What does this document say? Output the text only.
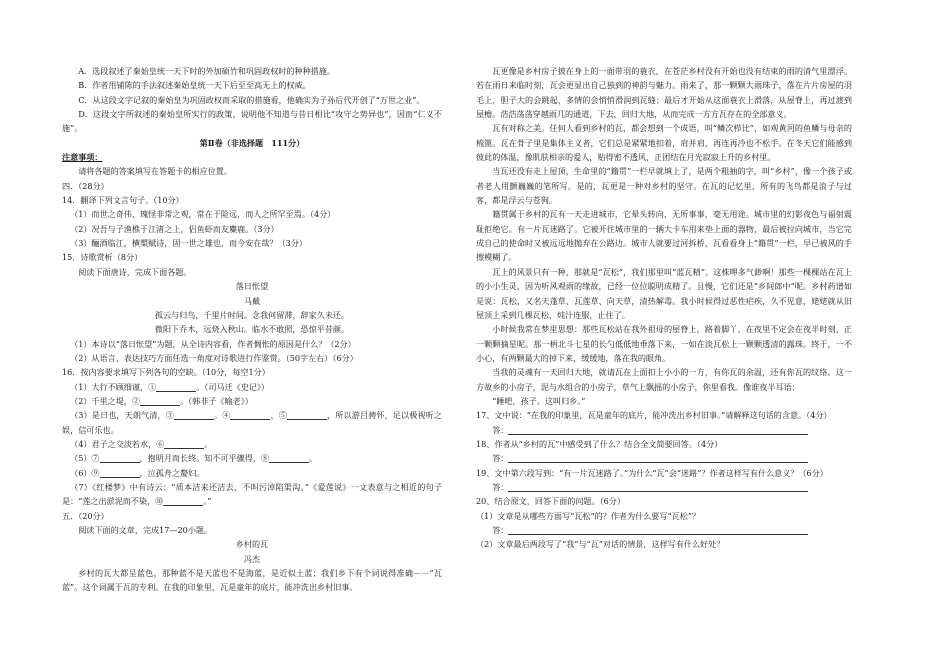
A．选段叙述了秦始皇统一天下时的外加硕竹和巩固政权时的种种措施。

B．作者用铺陈的手法叙述秦始皇统一天下后至至高无上的权威。

C．从这段文字记叙的秦始皇为巩固政权而采取的措施看，他确实为子孙后代开创了“万世之业”。

D．这段文字所叙述的秦始皇所实行的政策，说明他不知道与昔日相比“攻守之势异也”，因而“仁义不施”。

第Ⅱ卷（非选择题　111分）

注意事项：

请将各题的答案填写在答题卡的相应位置。

四．（28分）

14．翻译下列文言句子。（10分）

（1）而世之奇伟、瑰怪非常之观，常在于险远，而人之所罕至焉。（4分）

（2）况吾与子渔樵于江渚之上，侣鱼虾而友麋鹿。（3分）

（3）酾酒临江，横槊赋诗，固一世之雄也，而今安在哉？（3分）

15．诗歌赏析（8分）

阅读下面唐诗，完成下面各题。

落日怅望

马戴

孤云与归鸟，千里片时间。念我何留滞，辞家久未还。

微阳下乔木，远烧入秋山。临水不敢照，恐惊平昔颜。

（1）本诗以“落日怅望”为题，从全诗内容看，作者惆怅的原因是什么？（2分）

（2）从语言、表达技巧方面任选一角度对诗歌进行作鉴赏。（50字左右）（6分）

16．按内容要求填写下列各句的空缺。（10分，每空1分）

（1）大行不顾细谨，①	。（司马迁《史记》）

（2）千里之堤，②	。（韩非子《喻老》）

（3）是日也，天朗气清，③	。④	，⑤	，所以游目骋怀，足以极视听之娱，信可乐也。

（4）君子之交淡若水，⑥	。

（5）⑦	，抱明月而长终。知不可乎骤得，⑧	。

（6）⑨	，泣孤舟之嫠妇。

（7）《红楼梦》中有诗云：“质本洁来还洁去，不叫污淖陷渠沟。”《爱莲说》一文表意与之相近的句子是：“莲之出淤泥而不染，⑩	。”

五．（20分）

阅读下面的文章，完成17—20小题。

乡村的瓦

冯杰

乡村的瓦大都呈蓝色，那种蓝不是天蓝也不是海蓝，是近似土蓝；我们乡下有个词说得准确－－“瓦蓝”。这个词属于瓦的专利。在我的印象里，瓦是童年的底片，能冲洗出乡村旧事。

瓦更像是乡村房子披在身上的一面带羽的蓑衣，在苍茫乡村没有开始也没有结束的雨的清气里漂浮。若在雨日来临时刻，瓦会更显出自己独到的神韵与魅力。雨来了，那一颗颗大雨珠子，落在片片房屋的羽毛上，胆子大的会跳起，多情的会悄悄滑润到瓦缝；最后才开始从这面蓑衣上滑落，从屋脊上，再过渡到屋檐。浩浩荡荡穿越雨几的通道，下去，回归大地，从而完成一方方瓦存在的全部意义。

瓦有对称之美。任何人看到乡村的瓦，都会想到一个成语，叫“鳞次栉比”，如观黄河的鱼鳞与母亲的梳篦。瓦在骨子里是集体主义者，它们总是紧紧地扣着，肩并肩，再连再冷也不松手。在冬天它们能感到彼此的体温，像肌肤相亲的爱人，贴得密不透风，正团结在月光寂寂上升的乡村里。

当瓦还没有走上屋顶，生命里的“籍贯”一栏早就填上了，是两个粗抽的字，叫“乡村”，像一个孩子或者老人用颤巍巍的笔所写。是的，瓦更是一种对乡村的坚守。在瓦的记忆里，所有的飞鸟都是浪子与过客，都是浮云与苍狗。

籍贯属于乡村的瓦有一天走进城市，它晕头转向，无所事事，毫无用途。城市里的幻影夜色与福射震耻拒绝它。有一片瓦迷路了。它被开往城市里的一辆大卡车用来垫上面的器物，最后被拉向城市，当它完成自己的使命时又被远远地抛弃在公路边。城市人就要过河拆桥，瓦看看身上“籍贯”一栏，早已被风的手擦模糊了。

瓦上的风景只有一种，那就是“瓦松”，我们那里叫“蓝瓦精”。这株呷多气渺啊！那些一棵棵站在瓦上的小小生灵，因为听风观雨的缘故，已经一位位聪明成精了。且慢，它们还是“乡间郎中”呢。乡村药谱如是说：瓦松，又名天蓬草、瓦莲草、向天草，清热解毒。我小时候得过恶性疟疾，久不见意，姥姥就从旧屋顶上采到几棵瓦松，炖汁连服，止住了。

小时候我常在梦里思想：那些瓦松站在我外祖母的屋脊上，路着脚丫，在夜里不定会在夜半时刻，正一颗颗摘星呢。那一柄北斗七星的长勺低低地垂落下来，一如在淡瓦松上一颗颗透清的露珠。终于，一不小心，有两颗最大的掉下来，缓缓地，落在我的眼角。

当我的灵魂有一天回归大地，就请瓦在上面扣上小小的一方，有你瓦的余温，还有你瓦的纹络。这一方故乡的小房子，泥与水组合的小房子，草气上飘摇的小房子，你里看我。像谁夜半耳语：

“睡吧，孩子。这叫归乡。”

17、文中说：“在我的印象里，瓦是童年的底片，能冲洗出乡村旧事。”请解释这句话的含意。（4分）

答：

18、作者从“乡村的瓦”中感受到了什么？结合全文简要回答。（4分）

答：

19、文中第六段写到：“有一片瓦迷路了。”为什么“瓦”会“迷路”？作者这样写有什么意义？（6分）

答：

20、结合原文，回答下面的问题。（6分）

（1）文章是从哪些方面写“瓦松”的？作者为什么要写“瓦松”？

答：

（2）文章最后两段写了“我”与“瓦”对话的情景，这样写有什么好处？
